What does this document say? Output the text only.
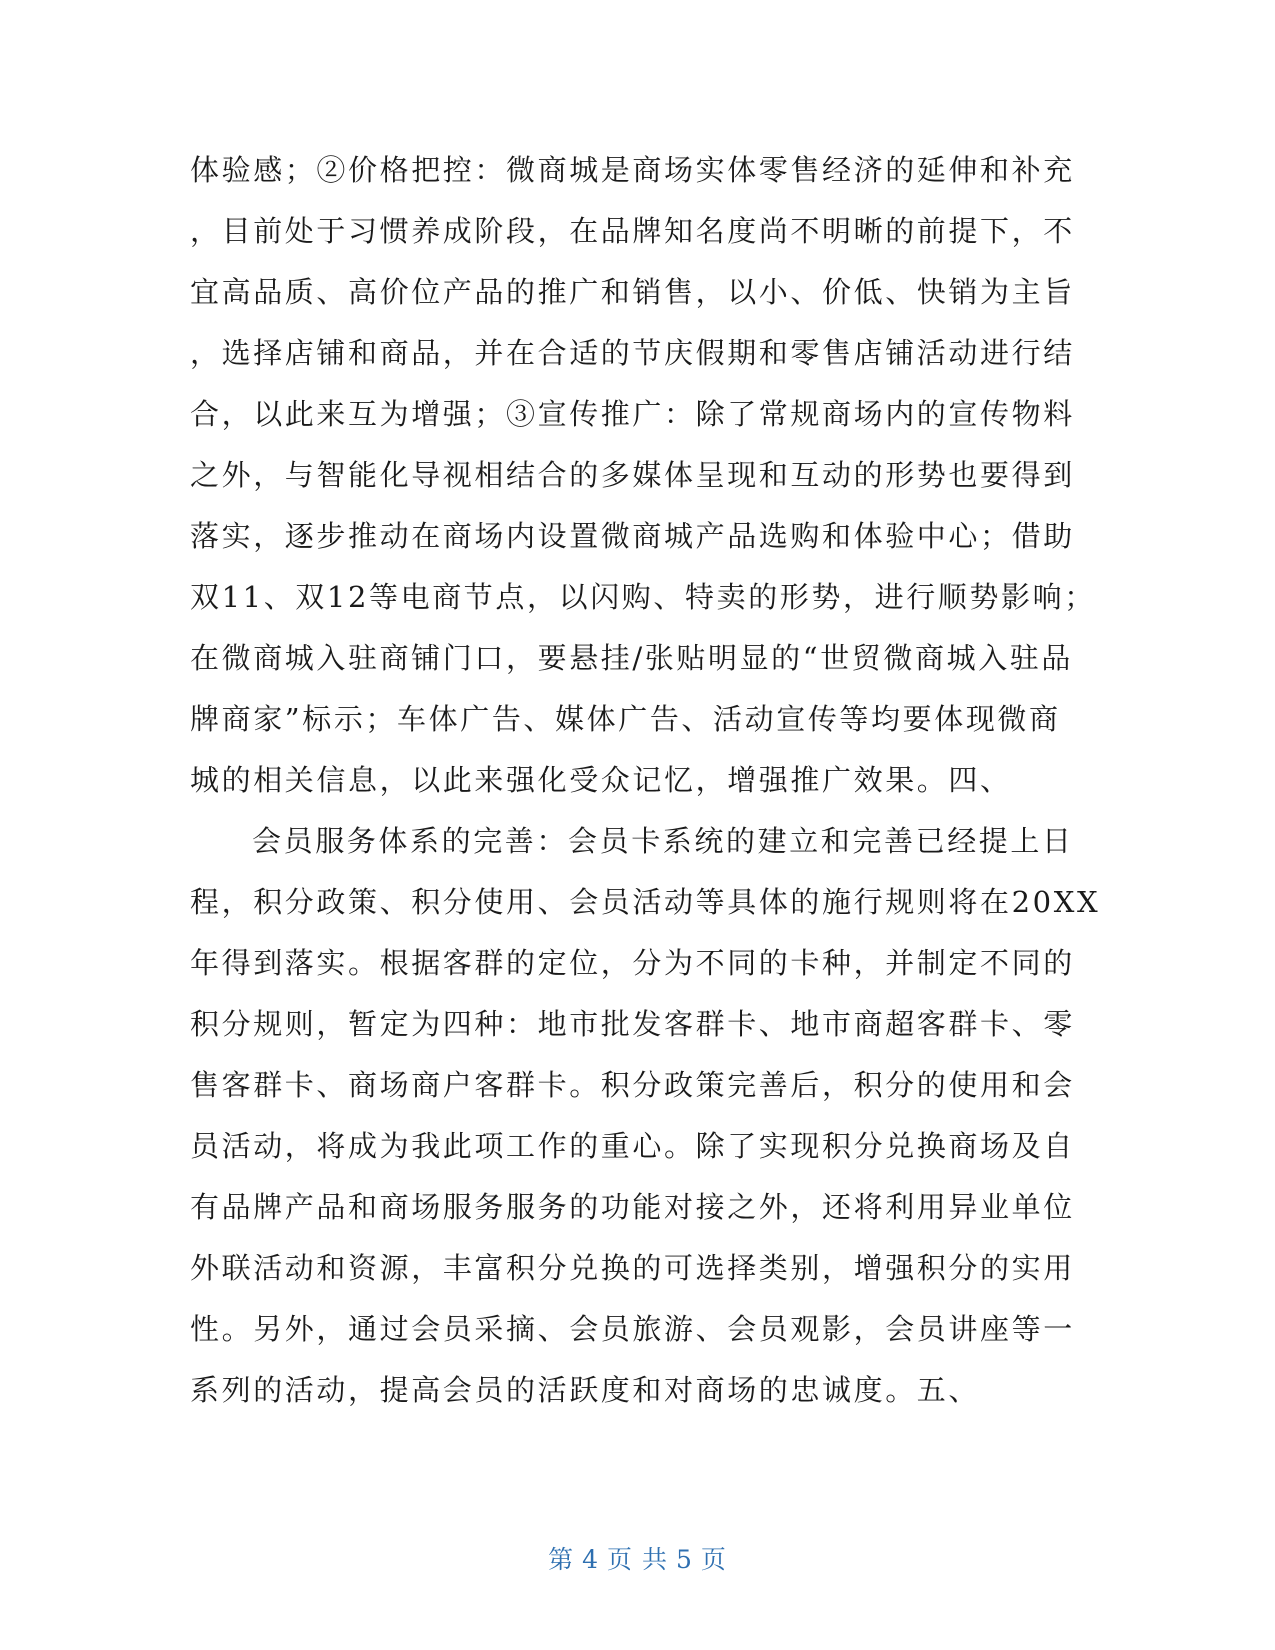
体验感；②价格把控：微商城是商场实体零售经济的延伸和补充
，目前处于习惯养成阶段，在品牌知名度尚不明晰的前提下，不
宜高品质、高价位产品的推广和销售，以小、价低、快销为主旨
，选择店铺和商品，并在合适的节庆假期和零售店铺活动进行结
合，以此来互为增强；③宣传推广：除了常规商场内的宣传物料
之外，与智能化导视相结合的多媒体呈现和互动的形势也要得到
落实，逐步推动在商场内设置微商城产品选购和体验中心；借助
双11、双12等电商节点，以闪购、特卖的形势，进行顺势影响；
在微商城入驻商铺门口，要悬挂/张贴明显的“世贸微商城入驻品
牌商家”标示；车体广告、媒体广告、活动宣传等均要体现微商
城的相关信息，以此来强化受众记忆，增强推广效果。四、
会员服务体系的完善：会员卡系统的建立和完善已经提上日
程，积分政策、积分使用、会员活动等具体的施行规则将在20XX
年得到落实。根据客群的定位，分为不同的卡种，并制定不同的
积分规则，暂定为四种：地市批发客群卡、地市商超客群卡、零
售客群卡、商场商户客群卡。积分政策完善后，积分的使用和会
员活动，将成为我此项工作的重心。除了实现积分兑换商场及自
有品牌产品和商场服务服务的功能对接之外，还将利用异业单位
外联活动和资源，丰富积分兑换的可选择类别，增强积分的实用
性。另外，通过会员采摘、会员旅游、会员观影，会员讲座等一
系列的活动，提高会员的活跃度和对商场的忠诚度。五、
第 4 页 共 5 页
